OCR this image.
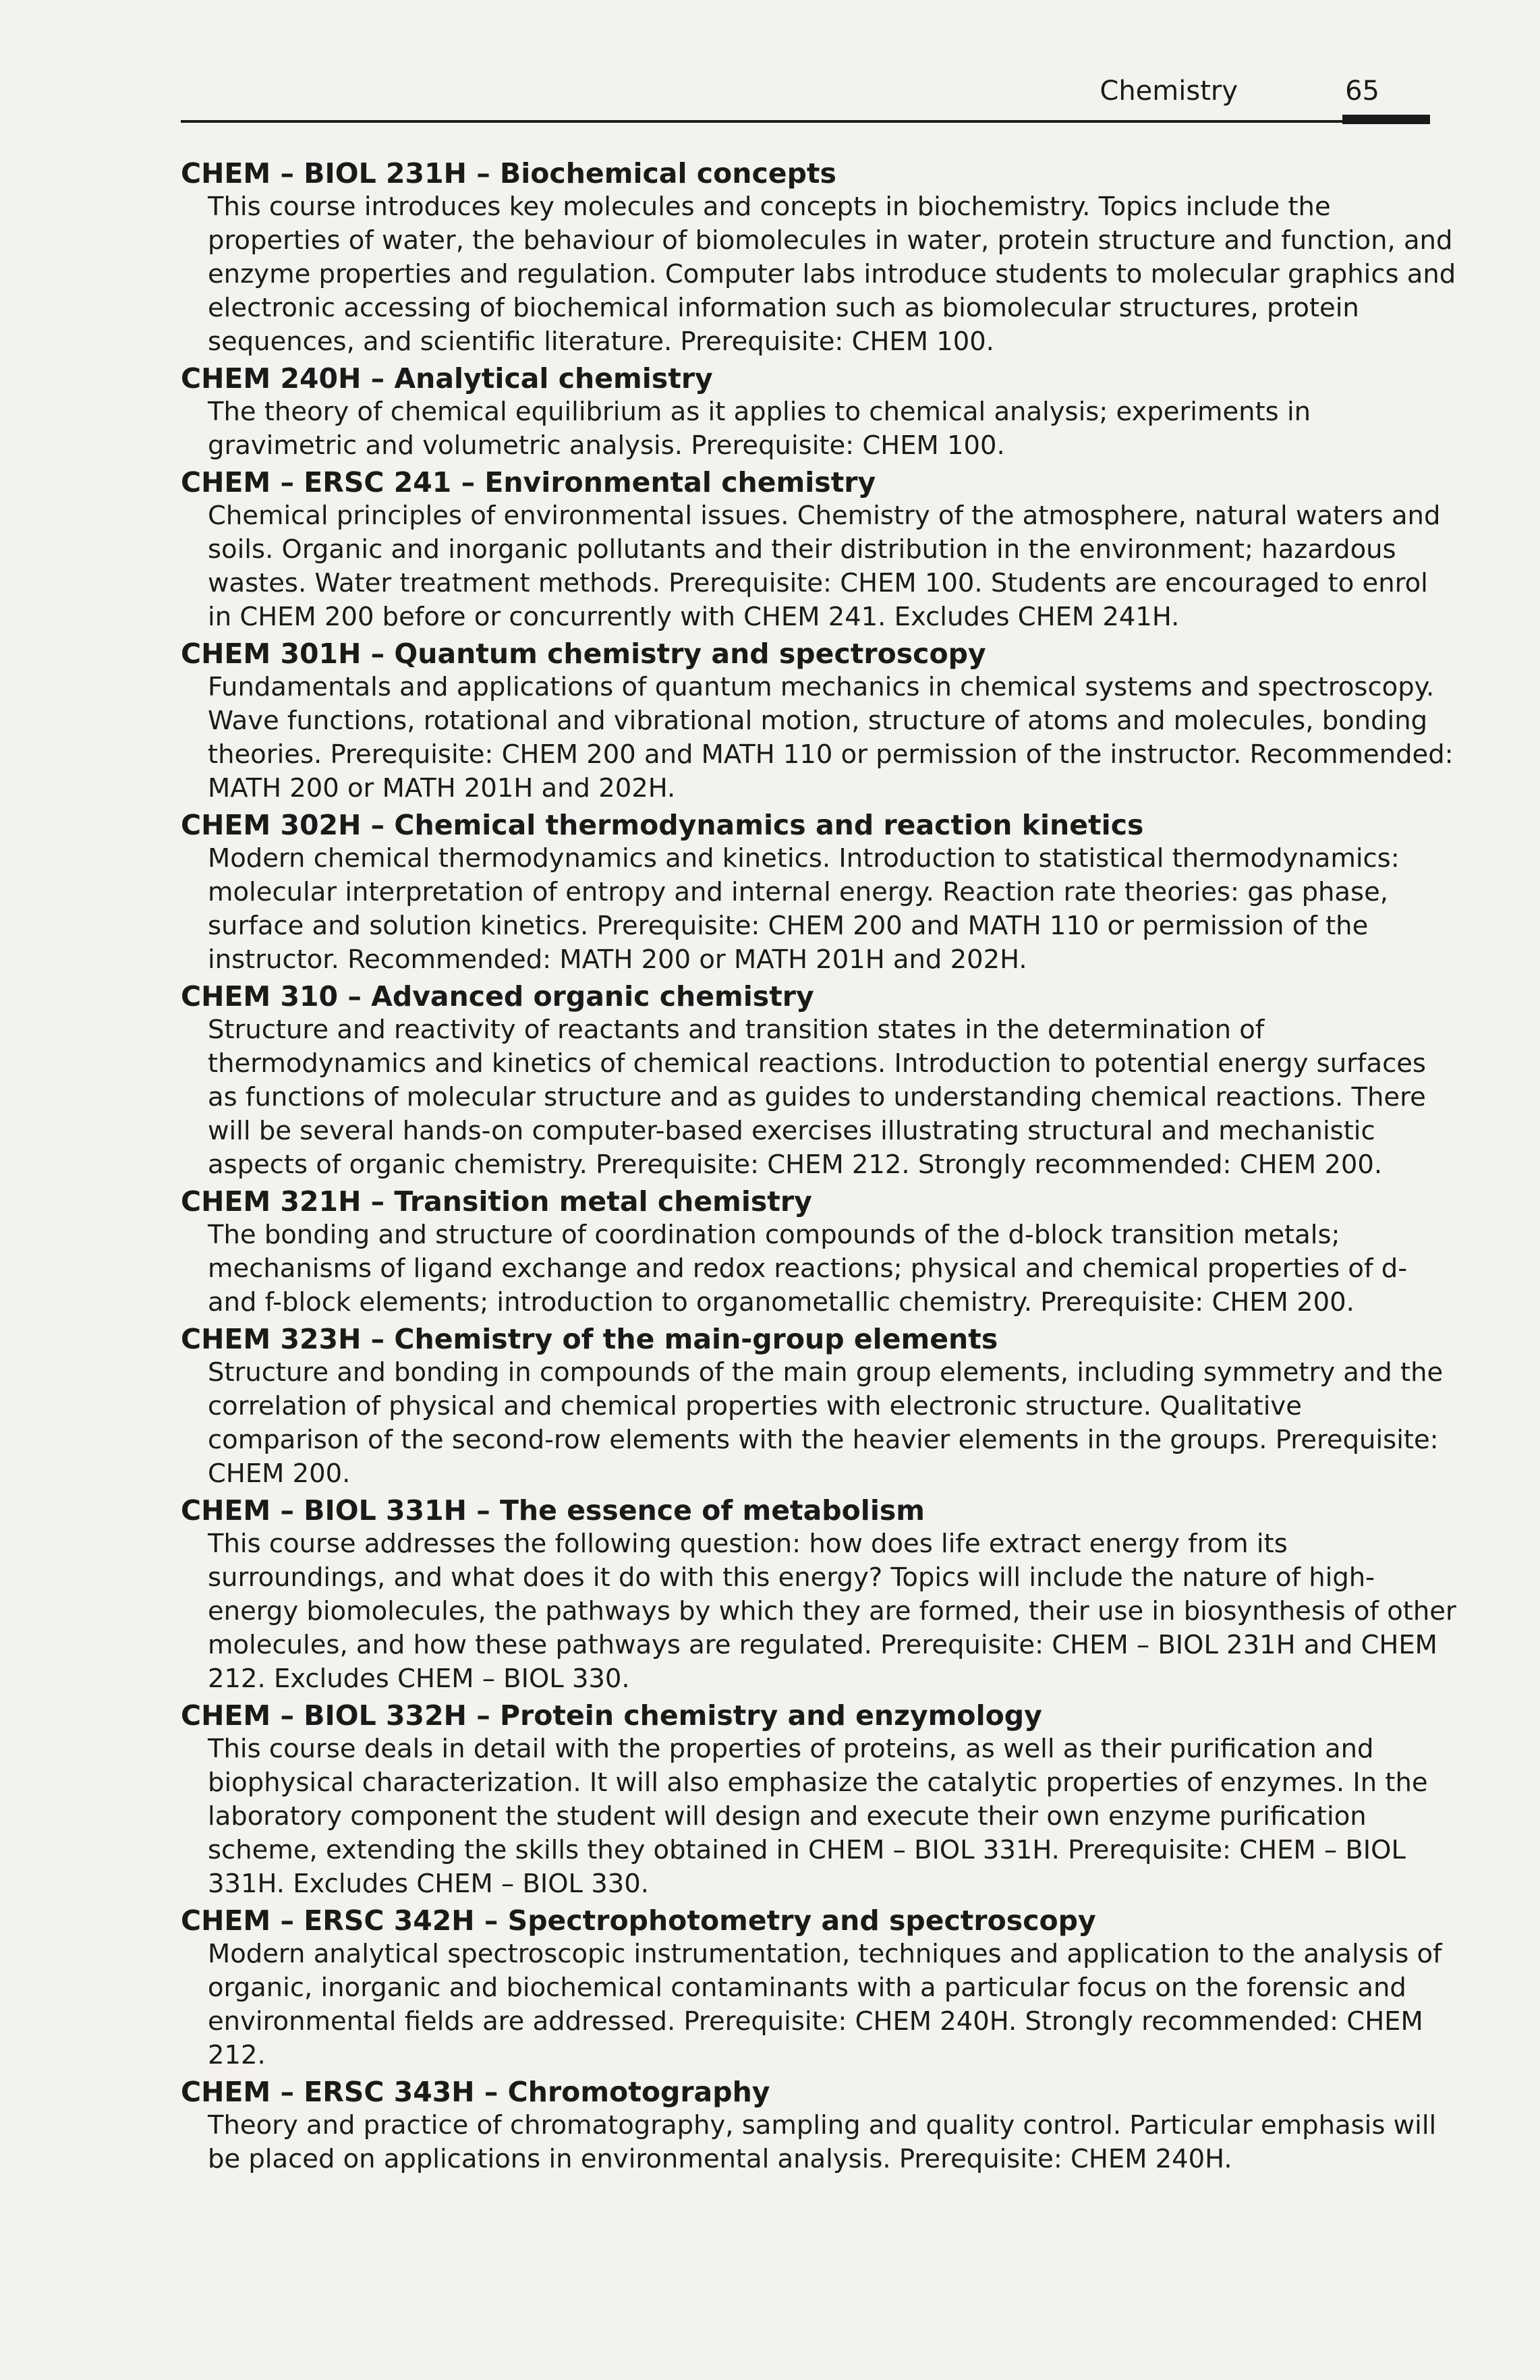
Chemistry	65

CHEM – BIOL 231H – Biochemical concepts

This course introduces key molecules and concepts in biochemistry. Topics include the properties of water, the behaviour of biomolecules in water, protein structure and function, and enzyme properties and regulation. Computer labs introduce students to molecular graphics and electronic accessing of biochemical information such as biomolecular structures, protein sequences, and scientific literature. Prerequisite: CHEM 100.

CHEM 240H – Analytical chemistry

The theory of chemical equilibrium as it applies to chemical analysis; experiments in gravimetric and volumetric analysis. Prerequisite: CHEM 100.

CHEM – ERSC 241 – Environmental chemistry

Chemical principles of environmental issues. Chemistry of the atmosphere, natural waters and soils. Organic and inorganic pollutants and their distribution in the environment; hazardous wastes. Water treatment methods. Prerequisite: CHEM 100. Students are encouraged to enrol in CHEM 200 before or concurrently with CHEM 241. Excludes CHEM 241H.

CHEM 301H – Quantum chemistry and spectroscopy

Fundamentals and applications of quantum mechanics in chemical systems and spectroscopy. Wave functions, rotational and vibrational motion, structure of atoms and molecules, bonding theories. Prerequisite: CHEM 200 and MATH 110 or permission of the instructor. Recommended: MATH 200 or MATH 201H and 202H.

CHEM 302H – Chemical thermodynamics and reaction kinetics

Modern chemical thermodynamics and kinetics. Introduction to statistical thermodynamics: molecular interpretation of entropy and internal energy. Reaction rate theories: gas phase, surface and solution kinetics. Prerequisite: CHEM 200 and MATH 110 or permission of the instructor. Recommended: MATH 200 or MATH 201H and 202H.

CHEM 310 – Advanced organic chemistry

Structure and reactivity of reactants and transition states in the determination of thermodynamics and kinetics of chemical reactions. Introduction to potential energy surfaces as functions of molecular structure and as guides to understanding chemical reactions. There will be several hands-on computer-based exercises illustrating structural and mechanistic aspects of organic chemistry. Prerequisite: CHEM 212. Strongly recommended: CHEM 200.

CHEM 321H – Transition metal chemistry

The bonding and structure of coordination compounds of the d-block transition metals; mechanisms of ligand exchange and redox reactions; physical and chemical properties of d- and f-block elements; introduction to organometallic chemistry. Prerequisite: CHEM 200.

CHEM 323H – Chemistry of the main-group elements

Structure and bonding in compounds of the main group elements, including symmetry and the correlation of physical and chemical properties with electronic structure. Qualitative comparison of the second-row elements with the heavier elements in the groups. Prerequisite: CHEM 200.

CHEM – BIOL 331H – The essence of metabolism

This course addresses the following question: how does life extract energy from its surroundings, and what does it do with this energy? Topics will include the nature of high-energy biomolecules, the pathways by which they are formed, their use in biosynthesis of other molecules, and how these pathways are regulated. Prerequisite: CHEM – BIOL 231H and CHEM 212. Excludes CHEM – BIOL 330.

CHEM – BIOL 332H – Protein chemistry and enzymology

This course deals in detail with the properties of proteins, as well as their purification and biophysical characterization. It will also emphasize the catalytic properties of enzymes. In the laboratory component the student will design and execute their own enzyme purification scheme, extending the skills they obtained in CHEM – BIOL 331H. Prerequisite: CHEM – BIOL 331H. Excludes CHEM – BIOL 330.

CHEM – ERSC 342H – Spectrophotometry and spectroscopy

Modern analytical spectroscopic instrumentation, techniques and application to the analysis of organic, inorganic and biochemical contaminants with a particular focus on the forensic and environmental fields are addressed. Prerequisite: CHEM 240H. Strongly recommended: CHEM 212.

CHEM – ERSC 343H – Chromotography

Theory and practice of chromatography, sampling and quality control. Particular emphasis will be placed on applications in environmental analysis. Prerequisite: CHEM 240H.
